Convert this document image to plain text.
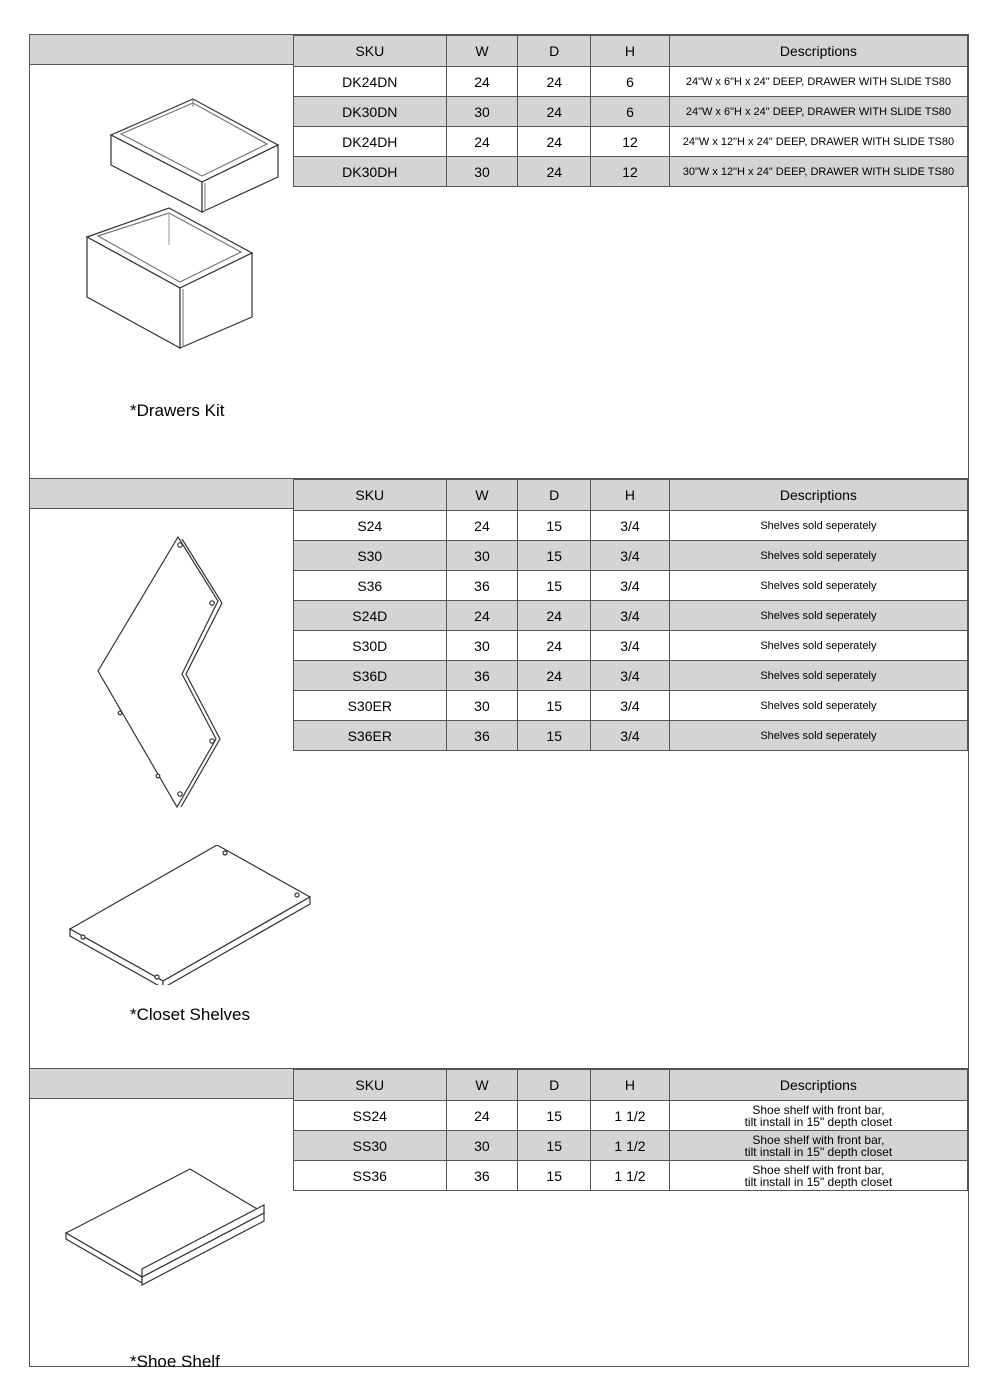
SKU	W	D	H	Descriptions
DK24DN	24	24	6	24"W x 6"H x 24" DEEP, DRAWER WITH SLIDE TS80
DK30DN	30	24	6	24"W x 6"H x 24" DEEP, DRAWER WITH SLIDE TS80
DK24DH	24	24	12	24"W x 12"H x 24" DEEP, DRAWER WITH SLIDE TS80
DK30DH	30	24	12	30"W x 12"H x 24" DEEP, DRAWER WITH SLIDE TS80
*Drawers Kit
SKU	W	D	H	Descriptions
S24	24	15	3/4	Shelves sold seperately
S30	30	15	3/4	Shelves sold seperately
S36	36	15	3/4	Shelves sold seperately
S24D	24	24	3/4	Shelves sold seperately
S30D	30	24	3/4	Shelves sold seperately
S36D	36	24	3/4	Shelves sold seperately
S30ER	30	15	3/4	Shelves sold seperately
S36ER	36	15	3/4	Shelves sold seperately
*Closet Shelves
SKU	W	D	H	Descriptions
SS24	24	15	1 1/2	Shoe shelf with front bar,
tilt install in 15" depth closet

SS30	30	15	1 1/2	Shoe shelf with front bar,
tilt install in 15" depth closet

SS36	36	15	1 1/2	Shoe shelf with front bar,
tilt install in 15" depth closet
*Shoe Shelf
